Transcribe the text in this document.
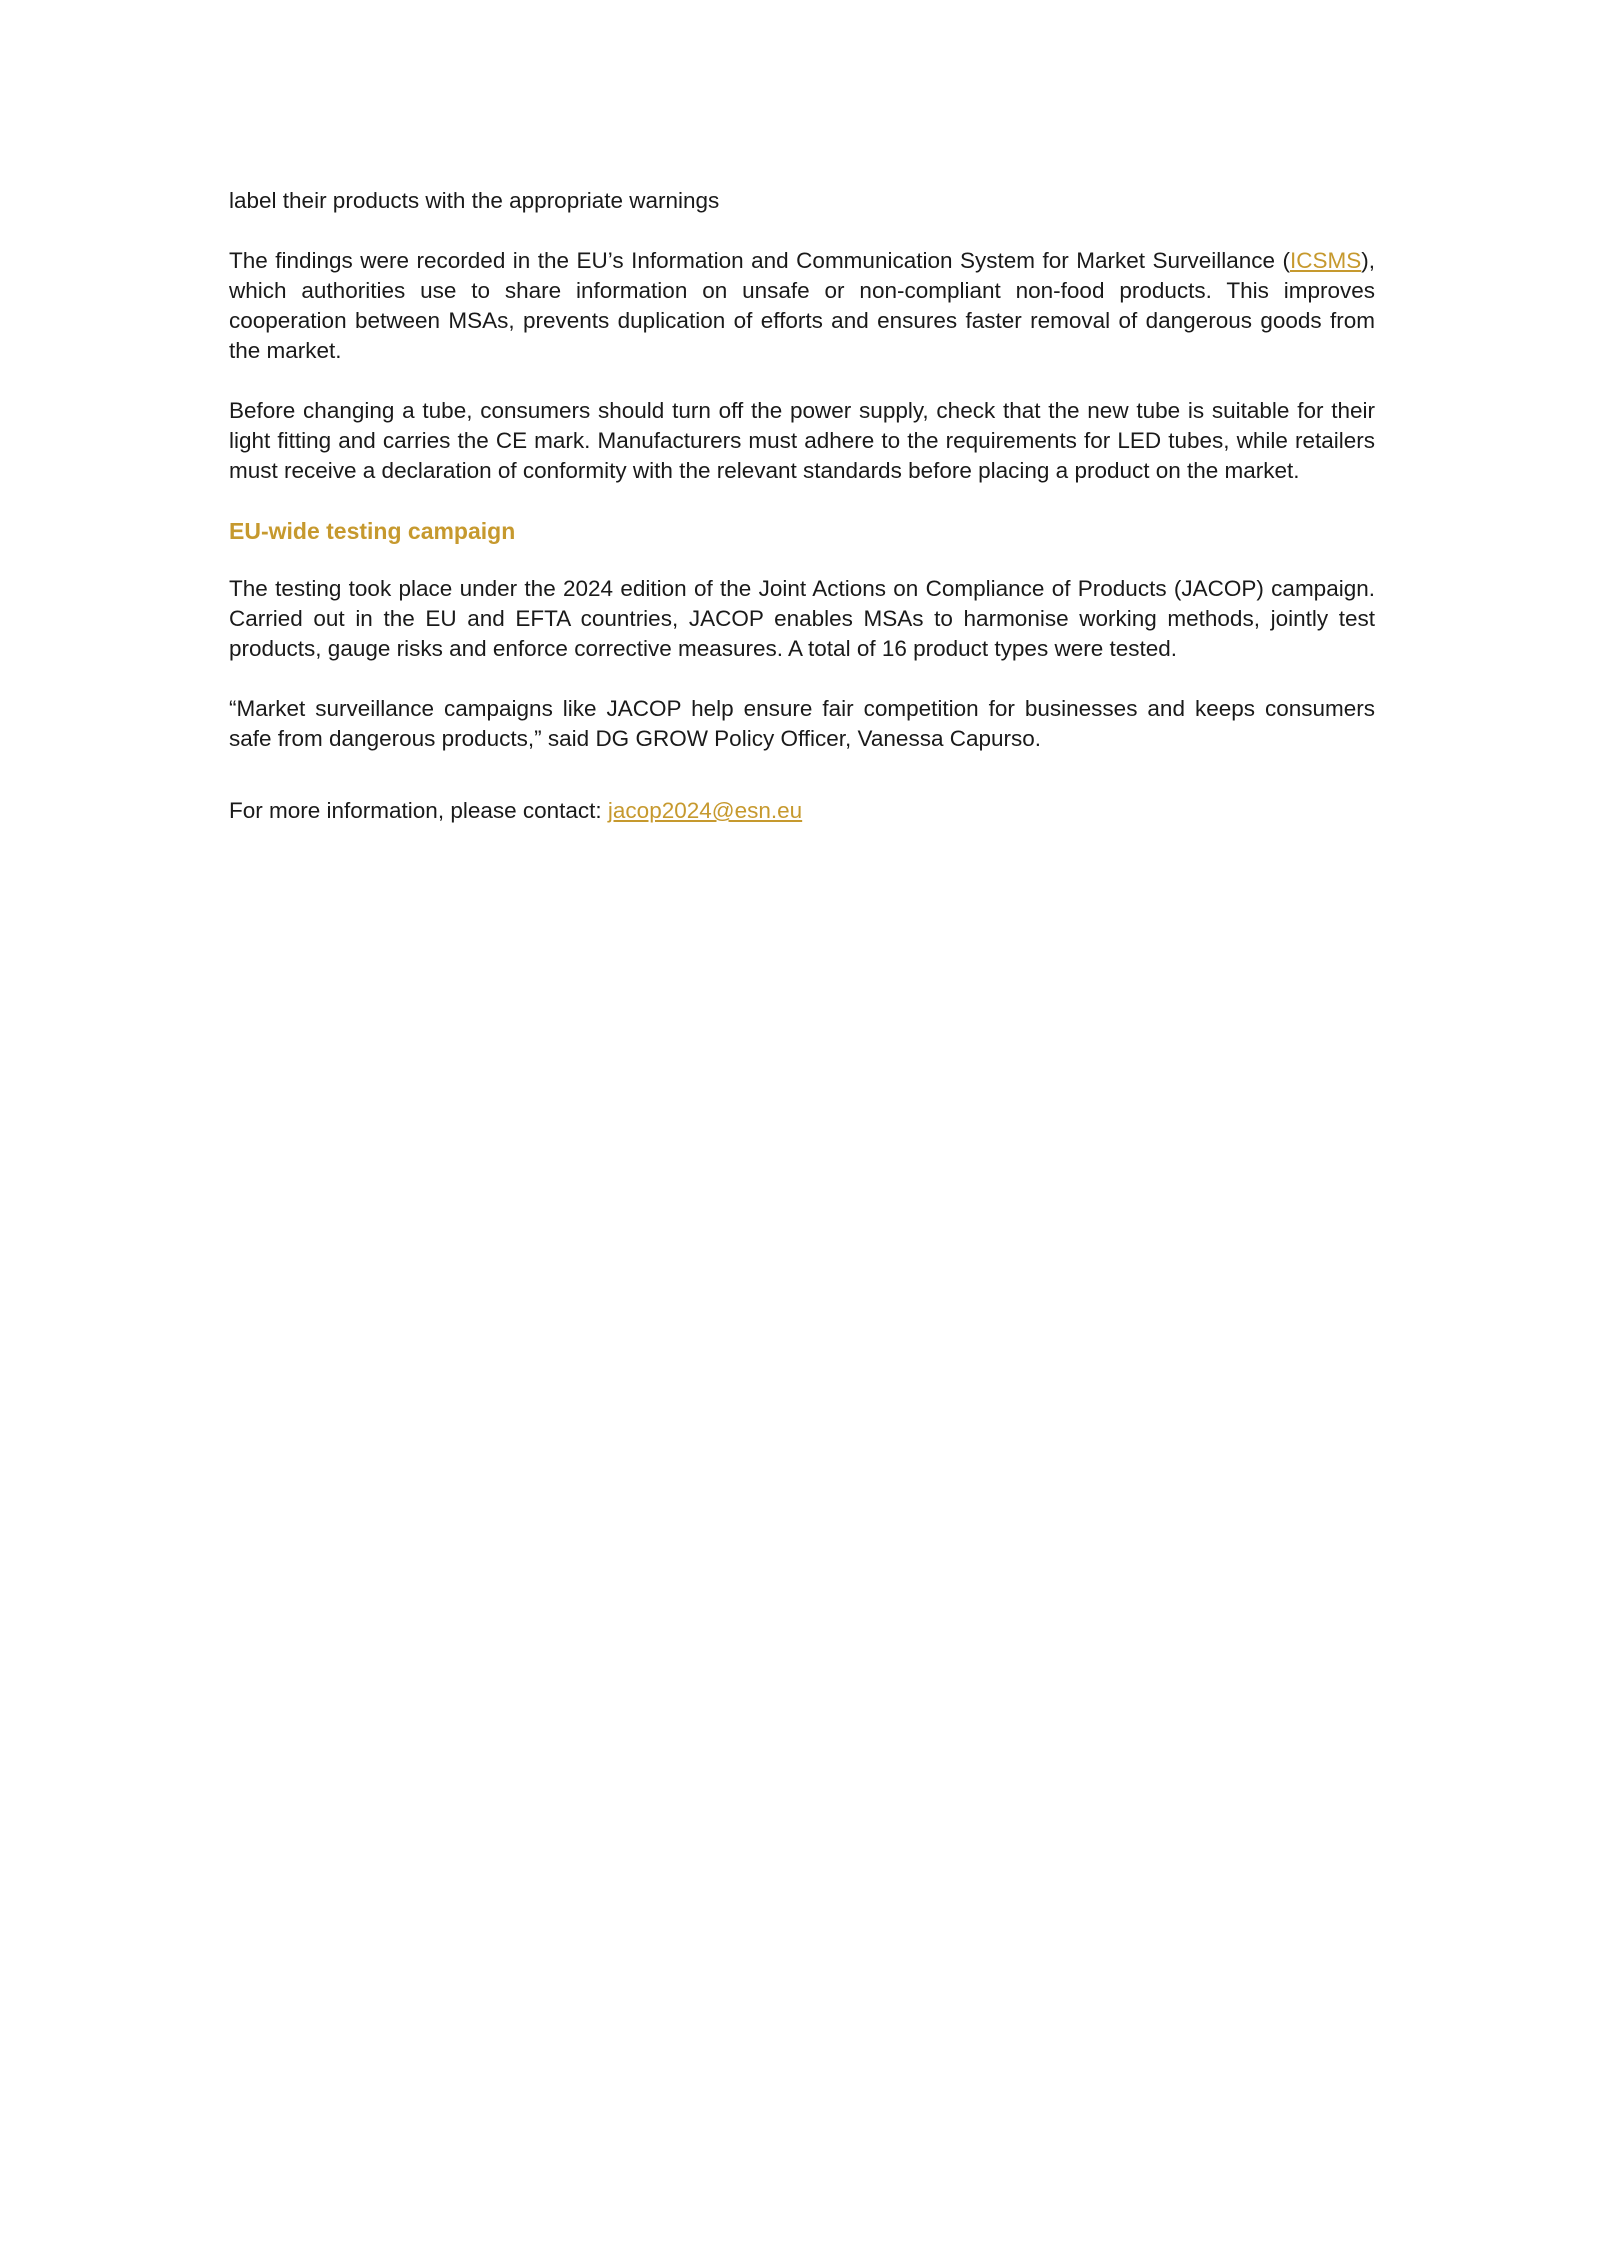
label their products with the appropriate warnings

The findings were recorded in the EU’s Information and Communication System for Market Surveillance (ICSMS), which authorities use to share information on unsafe or non-compliant non-food products. This improves cooperation between MSAs, prevents duplication of efforts and ensures faster removal of dangerous goods from the market.

Before changing a tube, consumers should turn off the power supply, check that the new tube is suitable for their light fitting and carries the CE mark. Manufacturers must adhere to the requirements for LED tubes, while retailers must receive a declaration of conformity with the relevant standards before placing a product on the market.

EU-wide testing campaign

The testing took place under the 2024 edition of the Joint Actions on Compliance of Products (JACOP) campaign. Carried out in the EU and EFTA countries, JACOP enables MSAs to harmonise working methods, jointly test products, gauge risks and enforce corrective measures. A total of 16 product types were tested.

“Market surveillance campaigns like JACOP help ensure fair competition for businesses and keeps consumers safe from dangerous products,” said DG GROW Policy Officer, Vanessa Capurso.

For more information, please contact: jacop2024@esn.eu
